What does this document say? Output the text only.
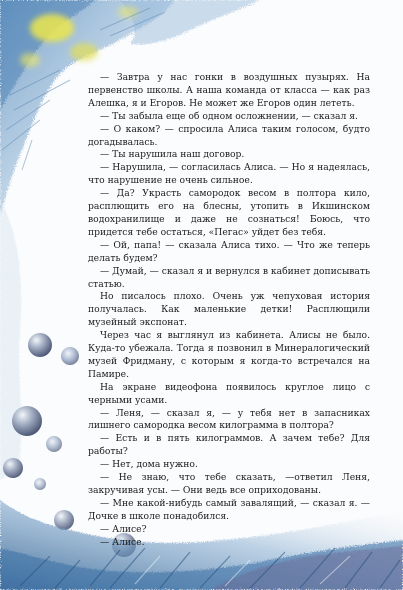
— Завтра у нас гонки в воздушных пузырях. На первенство школы. А наша команда от класса — как раз Алешка, я и Егоров. Не может же Егоров один лететь.

— Ты забыла еще об одном осложнении, — сказал я.

— О каком? — спросила Алиса таким голосом, будто догадывалась.

— Ты нарушила наш договор.

— Нарушила, — согласилась Алиса. — Но я надеялась, что нарушение не очень сильное.

— Да? Украсть самородок весом в полтора кило, расплющить его на блесны, утопить в Икшинском водохранилище и даже не сознаться! Боюсь, что придется тебе остаться, «Пегас» уйдет без тебя.

— Ой, папа! — сказала Алиса тихо. — Что же теперь делать будем?

— Думай, — сказал я и вернулся в кабинет дописывать статью.

Но писалось плохо. Очень уж чепуховая история получалась. Как маленькие детки! Расплющили музейный экспонат.

Через час я выглянул из кабинета. Алисы не было. Куда-то убежала. Тогда я позвонил в Минералогический музей Фридману, с которым я когда-то встречался на Памире.

На экране видеофона появилось круглое лицо с черными усами.

— Леня, — сказал я, — у тебя нет в запасниках лишнего самородка весом килограмма в полтора?

— Есть и в пять килограммов. А зачем тебе? Для работы?

— Нет, дома нужно.

— Не знаю, что тебе сказать, —ответил Леня, закручивая усы. — Они ведь все оприходованы.

— Мне какой-нибудь самый завалящий, — сказал я. — Дочке в школе понадобился.

— Алисе?

— Алисе.
